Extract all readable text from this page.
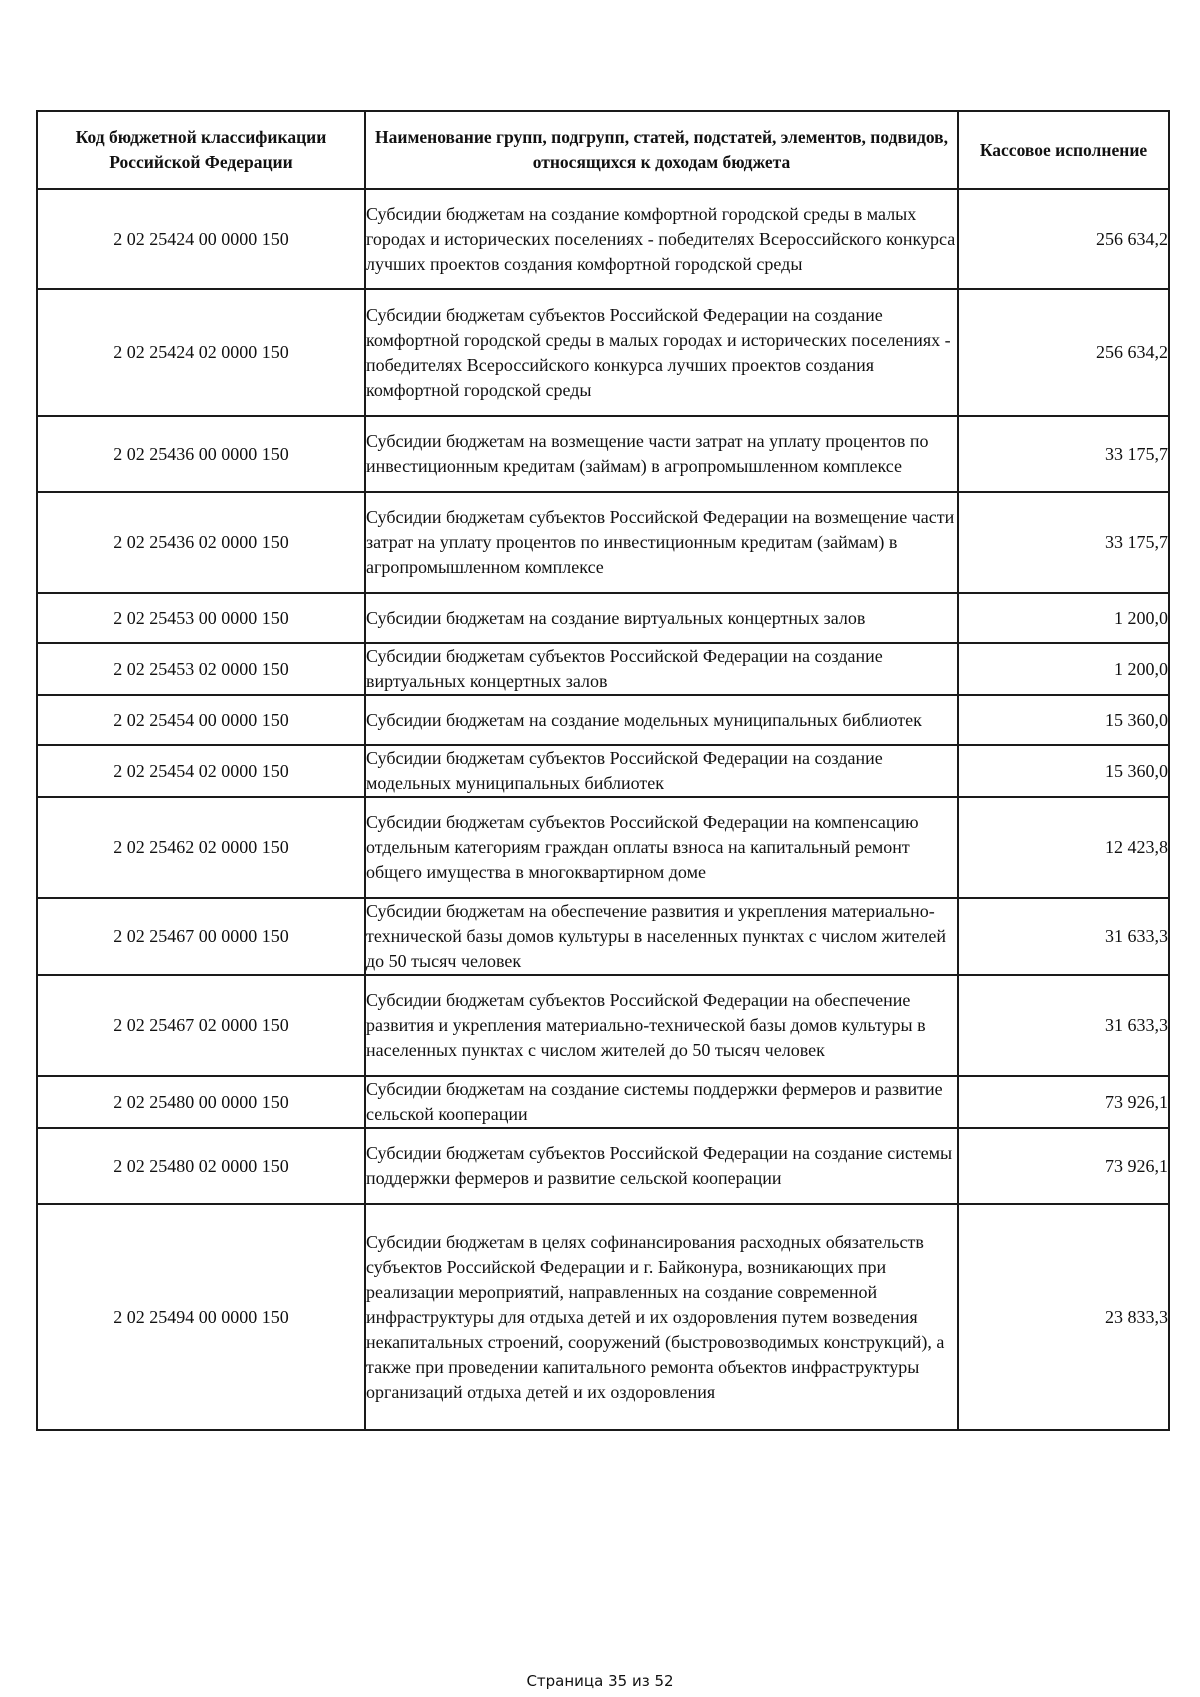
Код бюджетной классификации Российской Федерации	Наименование групп, подгрупп, статей, подстатей, элементов, подвидов, относящихся к доходам бюджета	Кассовое исполнение
2 02 25424 00 0000 150	Субсидии бюджетам на создание комфортной городской среды в малых городах и исторических поселениях - победителях Всероссийского конкурса лучших проектов создания комфортной городской среды	256 634,2
2 02 25424 02 0000 150	Субсидии бюджетам субъектов Российской Федерации на создание комфортной городской среды в малых городах и исторических поселениях - победителях Всероссийского конкурса лучших проектов создания комфортной городской среды	256 634,2
2 02 25436 00 0000 150	Субсидии бюджетам на возмещение части затрат на уплату процентов по инвестиционным кредитам (займам) в агропромышленном комплексе	33 175,7
2 02 25436 02 0000 150	Субсидии бюджетам субъектов Российской Федерации на возмещение части затрат на уплату процентов по инвестиционным кредитам (займам) в агропромышленном комплексе	33 175,7
2 02 25453 00 0000 150	Субсидии бюджетам на создание виртуальных концертных залов	1 200,0
2 02 25453 02 0000 150	Субсидии бюджетам субъектов Российской Федерации на создание виртуальных концертных залов	1 200,0
2 02 25454 00 0000 150	Субсидии бюджетам на создание модельных муниципальных библиотек	15 360,0
2 02 25454 02 0000 150	Субсидии бюджетам субъектов Российской Федерации на создание модельных муниципальных библиотек	15 360,0
2 02 25462 02 0000 150	Субсидии бюджетам субъектов Российской Федерации на компенсацию отдельным категориям граждан оплаты взноса на капитальный ремонт общего имущества в многоквартирном доме	12 423,8
2 02 25467 00 0000 150	Субсидии бюджетам на обеспечение развития и укрепления материально-технической базы домов культуры в населенных пунктах с числом жителей до 50 тысяч человек	31 633,3
2 02 25467 02 0000 150	Субсидии бюджетам субъектов Российской Федерации на обеспечение развития и укрепления материально-технической базы домов культуры в населенных пунктах с числом жителей до 50 тысяч человек	31 633,3
2 02 25480 00 0000 150	Субсидии бюджетам на создание системы поддержки фермеров и развитие сельской кооперации	73 926,1
2 02 25480 02 0000 150	Субсидии бюджетам субъектов Российской Федерации на создание системы поддержки фермеров и развитие сельской кооперации	73 926,1
2 02 25494 00 0000 150	Субсидии бюджетам в целях софинансирования расходных обязательств субъектов Российской Федерации и г. Байконура, возникающих при реализации мероприятий, направленных на создание современной инфраструктуры для отдыха детей и их оздоровления путем возведения некапитальных строений, сооружений (быстровозводимых конструкций), а также при проведении капитального ремонта объектов инфраструктуры организаций отдыха детей и их оздоровления	23 833,3
Страница 35 из 52
